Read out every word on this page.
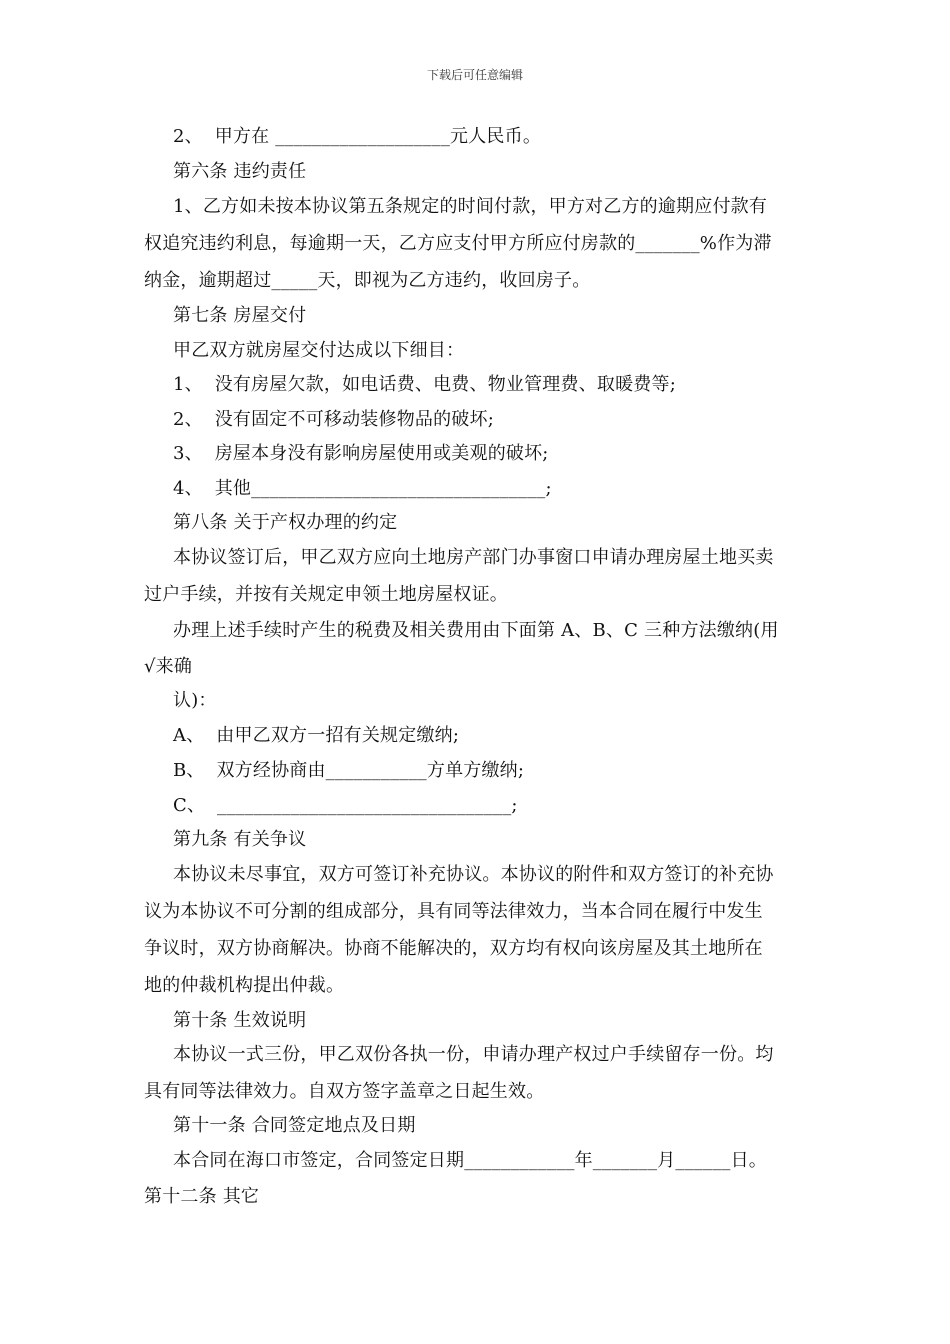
下载后可任意编辑
2、  甲方在 ___________________元人民币。
第六条 违约责任
1、乙方如未按本协议第五条规定的时间付款，甲方对乙方的逾期应付款有
权追究违约利息，每逾期一天，乙方应支付甲方所应付房款的_______%作为滞
纳金，逾期超过_____天，即视为乙方违约，收回房子。
第七条 房屋交付
甲乙双方就房屋交付达成以下细目：
1、  没有房屋欠款，如电话费、电费、物业管理费、取暖费等;
2、  没有固定不可移动装修物品的破坏;
3、  房屋本身没有影响房屋使用或美观的破坏;
4、  其他________________________________;
第八条 关于产权办理的约定
本协议签订后，甲乙双方应向土地房产部门办事窗口申请办理房屋土地买卖
过户手续，并按有关规定申领土地房屋权证。
办理上述手续时产生的税费及相关费用由下面第 A、B、C 三种方法缴纳(用
√来确
认)：
A、  由甲乙双方一招有关规定缴纳;
B、  双方经协商由___________方单方缴纳;
C、  ________________________________;
第九条 有关争议
本协议未尽事宜，双方可签订补充协议。本协议的附件和双方签订的补充协
议为本协议不可分割的组成部分，具有同等法律效力，当本合同在履行中发生
争议时，双方协商解决。协商不能解决的，双方均有权向该房屋及其土地所在
地的仲裁机构提出仲裁。
第十条 生效说明
本协议一式三份，甲乙双份各执一份，申请办理产权过户手续留存一份。均
具有同等法律效力。自双方签字盖章之日起生效。
第十一条 合同签定地点及日期
本合同在海口市签定，合同签定日期____________年_______月______日。
第十二条 其它
